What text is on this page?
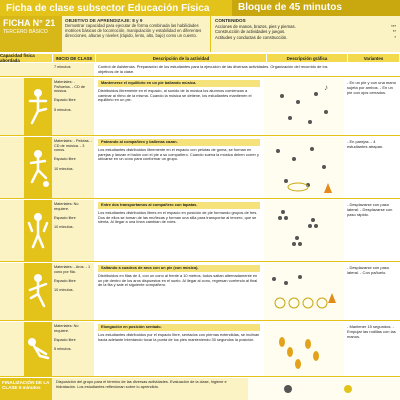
Ficha de clase subsector Educación Física	Bloque de 45 minutos
FICHA N° 21
TERCERO BÁSICO
OBJETIVO DE APRENDIZAJE: 8 y 9
Demostrar capacidad para ejecutar de forma combinada las habilidades motrices básicas de locomoción, manipulación y estabilidad en diferentes direcciones, alturas y niveles (rápido, lento, alto, bajo) como un cuento.
CONTENIDOS
Acciones de manos, brazos, pies y piernas.	***
Construcción de actividades y juegos.	**
Actitudes y conductas de construcción.	*
Capacidad física abordada	INICIO DE CLASE	Descripción de la actividad	Descripción gráfica	Variantes
7 minutos	Control de Asistencia. Preparación de los estudiantes para la ejecución de las diversas actividades. Organización del recorrido de los objetivos de la clase.
Materiales: - Pañuelos. - CD de música.

Espacio libre

5 minutos.
Mantenerse el equilibrio en un pie bailando música.
Distribuidos libremente en el espacio, al sonido de la música los alumnos comienzan a caminar al ritmo de la misma. Cuando la música se detiene, los estudiantes mantienen el equilibrio en un pie.
♪
- En un pie y con una mano sujeta por ambos. - En un pie con ojos cerrados.
Materiales: - Pelotas. - CD de música. - 3 conos.

Espacio libre

10 minutos.
Pateando al compañero y ballenas cazan.
Los estudiantes distribuidos libremente en el espacio con pelotas de goma, se forman en parejas y lanzan el balón con el pie a su compañero. Cuando suena la música deben correr y ubicarse en un cono para conformar un grupo.
- En parejas. - 4 estudiantes atrapan.
Materiales: No requiere.

Espacio libre

10 minutos.
Entre dos transportamos al compañero con tapatas.
Los estudiantes distribuidos libres en el espacio en posición de pie formando grupos de tres. Dos de ellos se toman de las muñecas y forman una silla para transportar al tercero, que se sienta. Al llegar a una línea cambian de roles.
- Desplazarse con paso lateral. - Desplazarse con paso rápido.
Materiales: - Aros. - 1 cono por fila.

Espacio libre

10 minutos.
Saltando a cuadros de aros con un pie (con música).
Distribuidos en filas de 4, con un cono al frente a 10 metros, todos saltan alternadamente en un pie dentro de los aros dispuestos en el suelo. Al llegar al cono, regresan corriendo al final de la fila y sale el siguiente compañero.
- Desplazarse con paso lateral. - Con pañuelo.
Materiales: No requiere.

Espacio libre

5 minutos.
Elongación en posición sentado.
Los estudiantes distribuidos por el espacio libre, sentados con piernas extendidas, se inclinan hacia adelante intentando tocar la punta de los pies manteniendo 30 segundos la posición.
- Mantener 15 segundos. - Empujar las rodillas con las manos.
FINALIZACIÓN DE LA CLASE 5 minutos
Disposición del grupo para el término de las diversas actividades. Evaluación de la clase, higiene e hidratación. Los estudiantes reflexionan sobre lo aprendido.
